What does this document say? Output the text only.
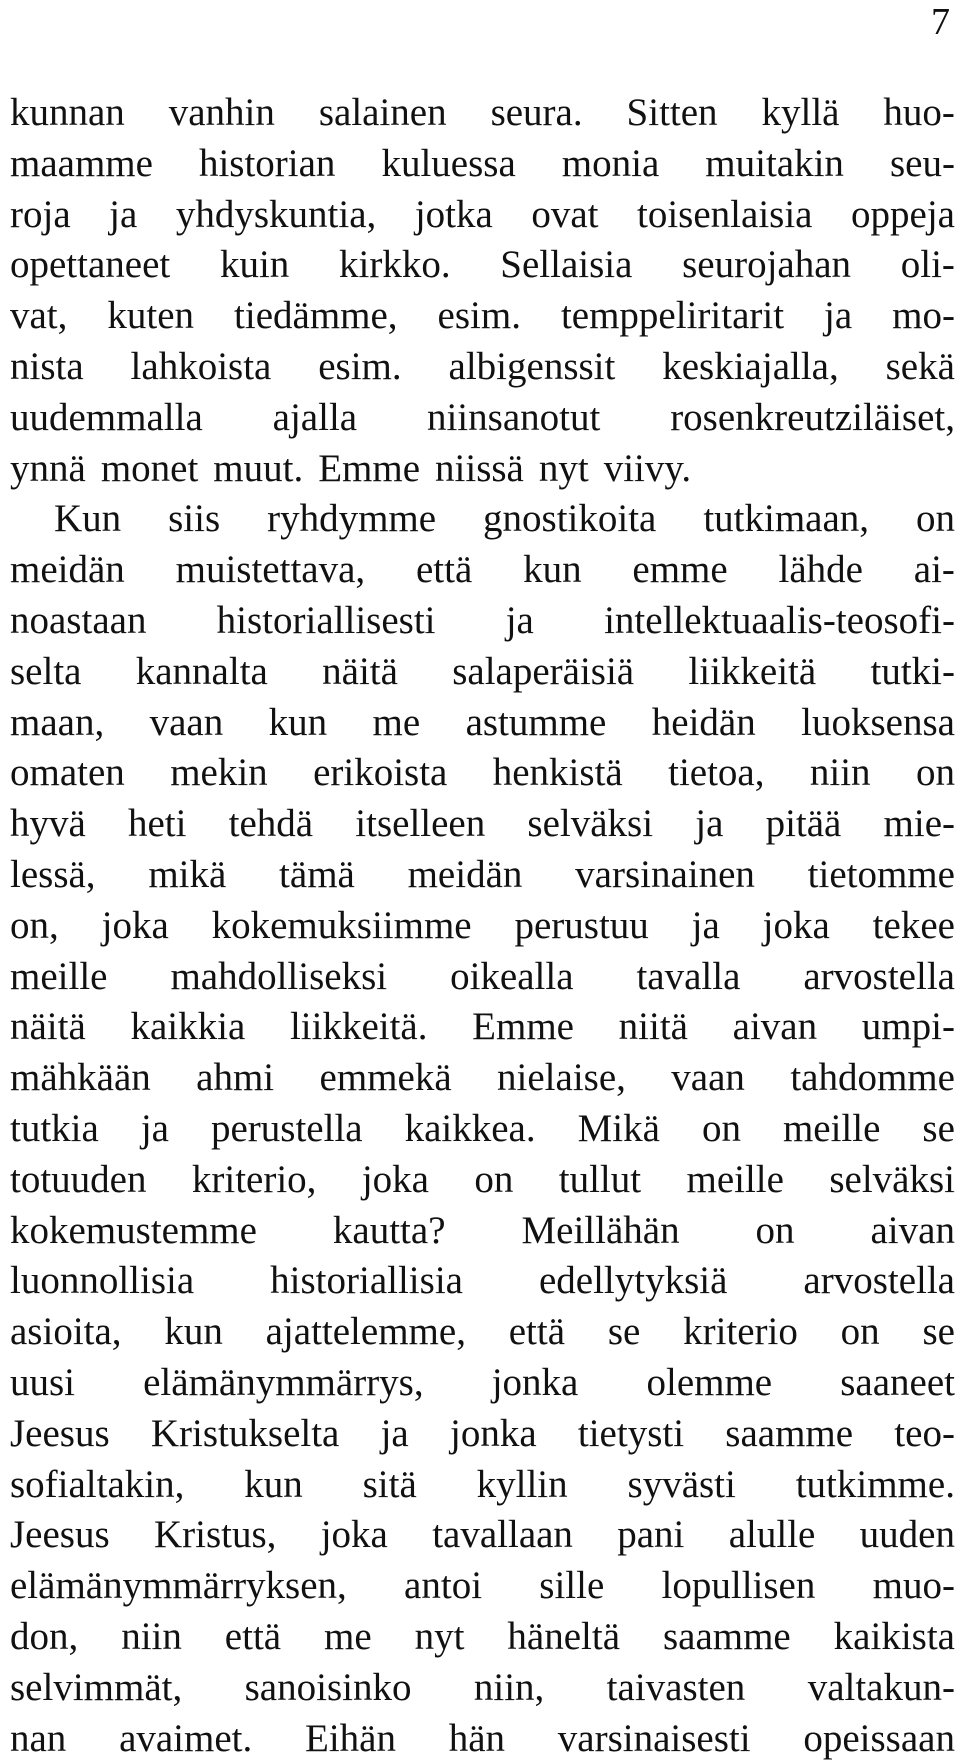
7
kunnan vanhin salainen seura. Sitten kyllä huo-
maamme historian kuluessa monia muitakin seu-
roja ja yhdyskuntia, jotka ovat toisenlaisia oppeja
opettaneet kuin kirkko. Sellaisia seurojahan oli-
vat, kuten tiedämme, esim. temppeliritarit ja mo-
nista lahkoista esim. albigenssit keskiajalla, sekä
uudemmalla ajalla niinsanotut rosenkreutziläiset,
ynnä monet muut. Emme niissä nyt viivy.
Kun siis ryhdymme gnostikoita tutkimaan, on
meidän muistettava, että kun emme lähde ai-
noastaan historiallisesti ja intellektuaalis-teosofi-
selta kannalta näitä salaperäisiä liikkeitä tutki-
maan, vaan kun me astumme heidän luoksensa
omaten mekin erikoista henkistä tietoa, niin on
hyvä heti tehdä itselleen selväksi ja pitää mie-
lessä, mikä tämä meidän varsinainen tietomme
on, joka kokemuksiimme perustuu ja joka tekee
meille mahdolliseksi oikealla tavalla arvostella
näitä kaikkia liikkeitä. Emme niitä aivan umpi-
mähkään ahmi emmekä nielaise, vaan tahdomme
tutkia ja perustella kaikkea. Mikä on meille se
totuuden kriterio, joka on tullut meille selväksi
kokemustemme kautta? Meillähän on aivan
luonnollisia historiallisia edellytyksiä arvostella
asioita, kun ajattelemme, että se kriterio on se
uusi elämänymmärrys, jonka olemme saaneet
Jeesus Kristukselta ja jonka tietysti saamme teo-
sofialtakin, kun sitä kyllin syvästi tutkimme.
Jeesus Kristus, joka tavallaan pani alulle uuden
elämänymmärryksen, antoi sille lopullisen muo-
don, niin että me nyt häneltä saamme kaikista
selvimmät, sanoisinko niin, taivasten valtakun-
nan avaimet. Eihän hän varsinaisesti opeissaan
